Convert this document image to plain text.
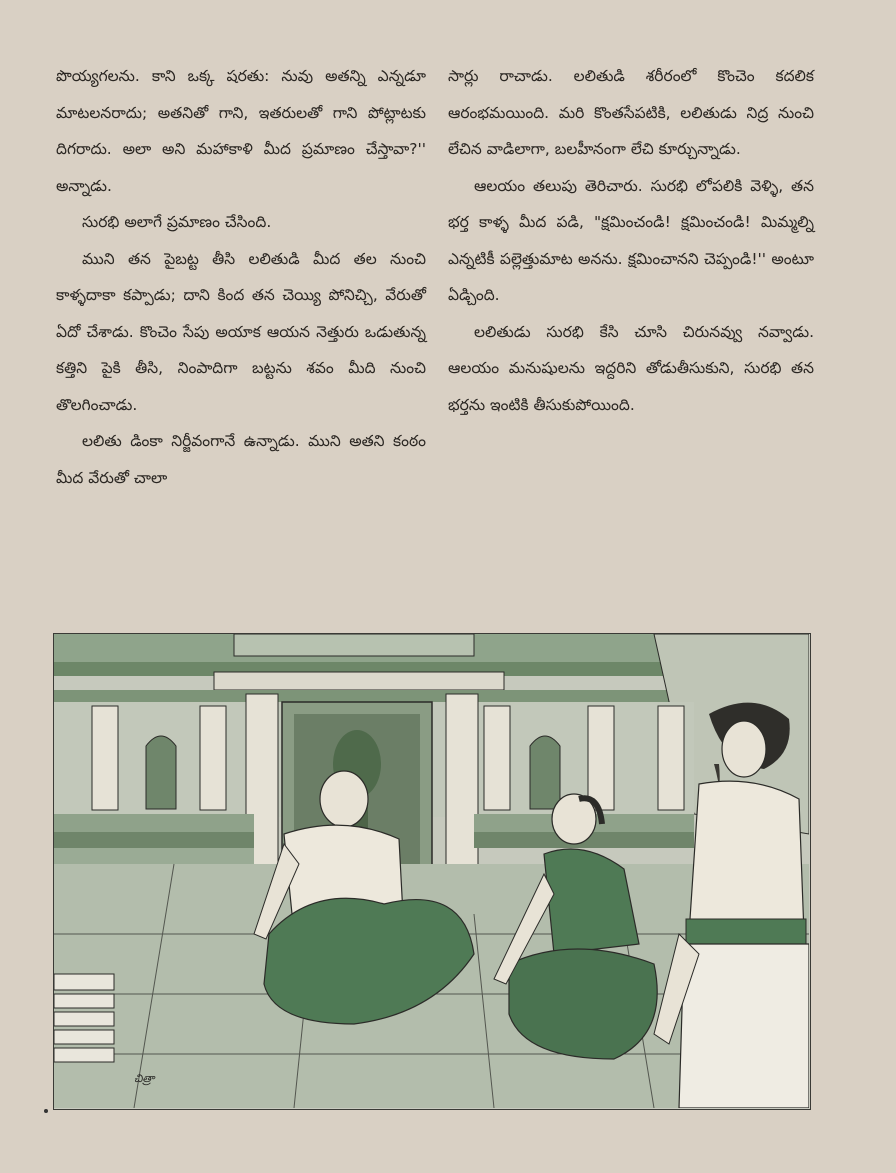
పొయ్యగలను. కాని ఒక్క షరతు: నువు అతన్ని ఎన్నడూ మాటలనరాదు; అతనితో గాని, ఇతరులతో గాని పోట్లాటకు దిగరాదు. అలా అని మహాకాళి మీద ప్రమాణం చేస్తావా?'' అన్నాడు.

సురభి అలాగే ప్రమాణం చేసింది.

ముని తన పైబట్ట తీసి లలితుడి మీద తల నుంచి కాళ్ళదాకా కప్పాడు; దాని కింద తన చెయ్యి పోనిచ్చి, వేరుతో ఏదో చేశాడు. కొంచెం సేపు అయాక ఆయన నెత్తురు ఒడుతున్న కత్తిని పైకి తీసి, నింపాదిగా బట్టను శవం మీది నుంచి తొలగించాడు.

లలితు డింకా నిర్జీవంగానే ఉన్నాడు. ముని అతని కంఠం మీద వేరుతో చాలా

సార్లు రాచాడు. లలితుడి శరీరంలో కొంచెం కదలిక ఆరంభమయింది. మరి కొంతసేపటికి, లలితుడు నిద్ర నుంచి లేచిన వాడిలాగా, బలహీనంగా లేచి కూర్చున్నాడు.

ఆలయం తలుపు తెరిచారు. సురభి లోపలికి వెళ్ళి, తన భర్త కాళ్ళ మీద పడి, "క్షమించండి! క్షమించండి! మిమ్మల్ని ఎన్నటికీ పల్లెత్తుమాట అనను. క్షమించానని చెప్పండి!'' అంటూ ఏడ్చింది.

లలితుడు సురభి కేసి చూసి చిరునవ్వు నవ్వాడు. ఆలయం మనుషులను ఇద్దరిని తోడుతీసుకుని, సురభి తన భర్తను ఇంటికి తీసుకుపోయింది.

చిత్రా
